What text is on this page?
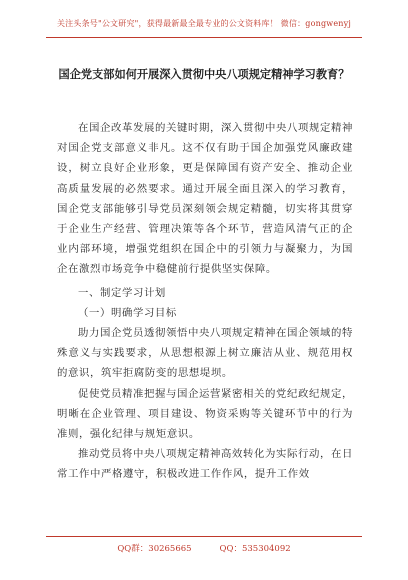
关注头条号"公文研究"，获得最新最全最专业的公文资料库！ 微信：gongwenyj
国企党支部如何开展深入贯彻中央八项规定精神学习教育？

在国企改革发展的关键时期，深入贯彻中央八项规定精神对国企党支部意义非凡。这不仅有助于国企加强党风廉政建设，树立良好企业形象，更是保障国有资产安全、推动企业高质量发展的必然要求。通过开展全面且深入的学习教育，国企党支部能够引导党员深刻领会规定精髓，切实将其贯穿于企业生产经营、管理决策等各个环节，营造风清气正的企业内部环境，增强党组织在国企中的引领力与凝聚力，为国企在激烈市场竞争中稳健前行提供坚实保障。

一、制定学习计划

（一）明确学习目标

助力国企党员透彻领悟中央八项规定精神在国企领域的特殊意义与实践要求，从思想根源上树立廉洁从业、规范用权的意识，筑牢拒腐防变的思想堤坝。

促使党员精准把握与国企运营紧密相关的党纪政纪规定，明晰在企业管理、项目建设、物资采购等关键环节中的行为准则，强化纪律与规矩意识。

推动党员将中央八项规定精神高效转化为实际行动，在日常工作中严格遵守，积极改进工作作风，提升工作效

QQ群：30265665	QQ：535304092
